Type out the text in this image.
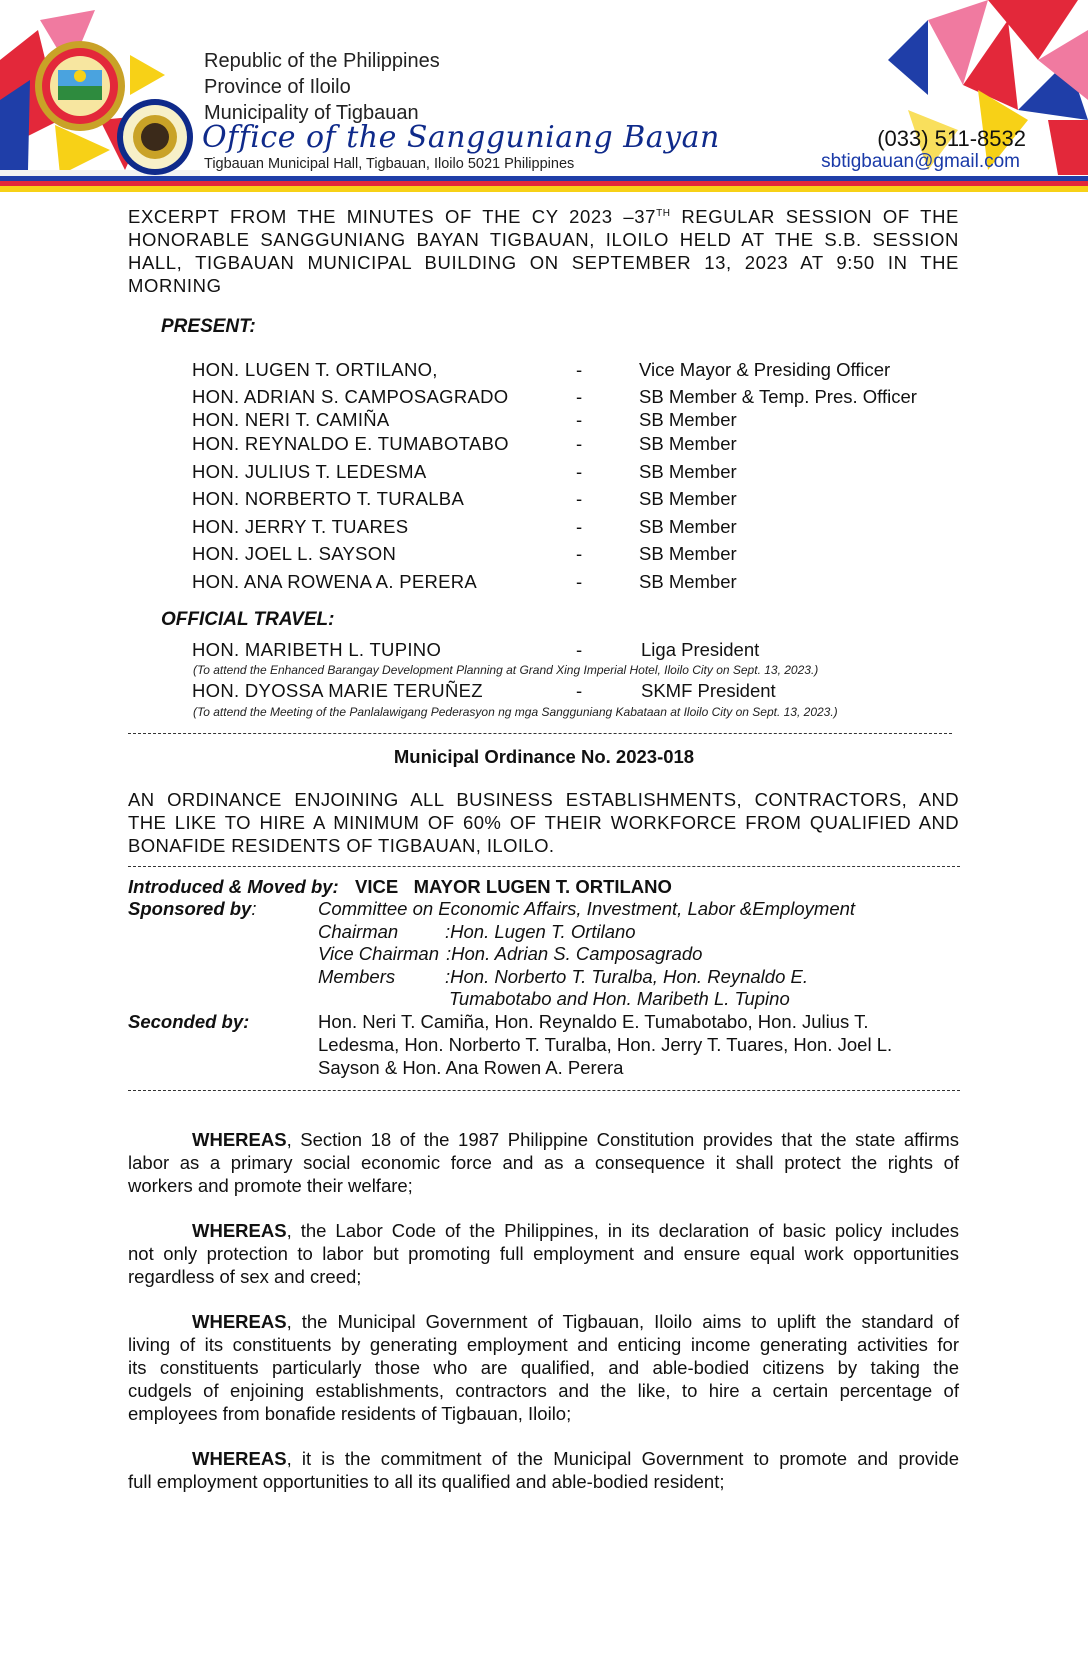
Republic of the Philippines
Province of Iloilo
Municipality of Tigbauan
Office of the Sangguniang Bayan
Tigbauan Municipal Hall, Tigbauan, Iloilo 5021 Philippines
(033) 511-8532
sbtigbauan@gmail.com
EXCERPT FROM THE MINUTES OF THE CY 2023 –37TH REGULAR SESSION OF THE
HONORABLE SANGGUNIANG BAYAN TIGBAUAN, ILOILO HELD AT THE S.B. SESSION
HALL, TIGBAUAN MUNICIPAL BUILDING ON SEPTEMBER 13, 2023 AT 9:50 IN THE
MORNING
PRESENT:
HON. LUGEN T. ORTILANO,	-	Vice Mayor & Presiding Officer
HON. ADRIAN S. CAMPOSAGRADO	-	SB Member & Temp. Pres. Officer
HON. NERI T. CAMIÑA	-	SB Member
HON. REYNALDO E. TUMABOTABO	-	SB Member
HON. JULIUS T. LEDESMA	-	SB Member
HON. NORBERTO T. TURALBA	-	SB Member
HON. JERRY T. TUARES	-	SB Member
HON. JOEL L. SAYSON	-	SB Member
HON. ANA ROWENA A. PERERA	-	SB Member
OFFICIAL TRAVEL:
HON. MARIBETH L. TUPINO	-	Liga President
(To attend the Enhanced Barangay Development Planning at Grand Xing Imperial Hotel, Iloilo City on Sept. 13, 2023.)
HON. DYOSSA MARIE TERUÑEZ	-	SKMF President
(To attend the Meeting of the Panlalawigang Pederasyon ng mga Sangguniang Kabataan at Iloilo City on Sept. 13, 2023.)
Municipal Ordinance No. 2023-018
AN ORDINANCE ENJOINING ALL BUSINESS ESTABLISHMENTS, CONTRACTORS, AND
THE LIKE TO HIRE A MINIMUM OF 60% OF THEIR WORKFORCE FROM QUALIFIED AND
BONAFIDE RESIDENTS OF TIGBAUAN, ILOILO.
Introduced & Moved by: VICE   MAYOR LUGEN T. ORTILANO
Sponsored by:	Committee on Economic Affairs, Investment, Labor &Employment
Chairman	:Hon. Lugen T. Ortilano
Vice Chairman :Hon. Adrian S. Camposagrado
Members	:Hon. Norberto T. Turalba, Hon. Reynaldo E.
Tumabotabo and Hon. Maribeth L. Tupino
Seconded by:	Hon. Neri T. Camiña, Hon. Reynaldo E. Tumabotabo, Hon. Julius T.
Ledesma, Hon. Norberto T. Turalba, Hon. Jerry T. Tuares, Hon. Joel L.
Sayson & Hon. Ana Rowen A. Perera
WHEREAS, Section 18 of the 1987 Philippine Constitution provides that the state affirms
labor as a primary social economic force and as a consequence it shall protect the rights of
workers and promote their welfare;
WHEREAS, the Labor Code of the Philippines, in its declaration of basic policy includes
not only protection to labor but promoting full employment and ensure equal work opportunities
regardless of sex and creed;
WHEREAS, the Municipal Government of Tigbauan, Iloilo aims to uplift the standard of
living of its constituents by generating employment and enticing income generating activities for
its constituents particularly those who are qualified, and able-bodied citizens by taking the
cudgels of enjoining establishments, contractors and the like, to hire a certain percentage of
employees from bonafide residents of Tigbauan, Iloilo;
WHEREAS, it is the commitment of the Municipal Government to promote and provide
full employment opportunities to all its qualified and able-bodied resident;
